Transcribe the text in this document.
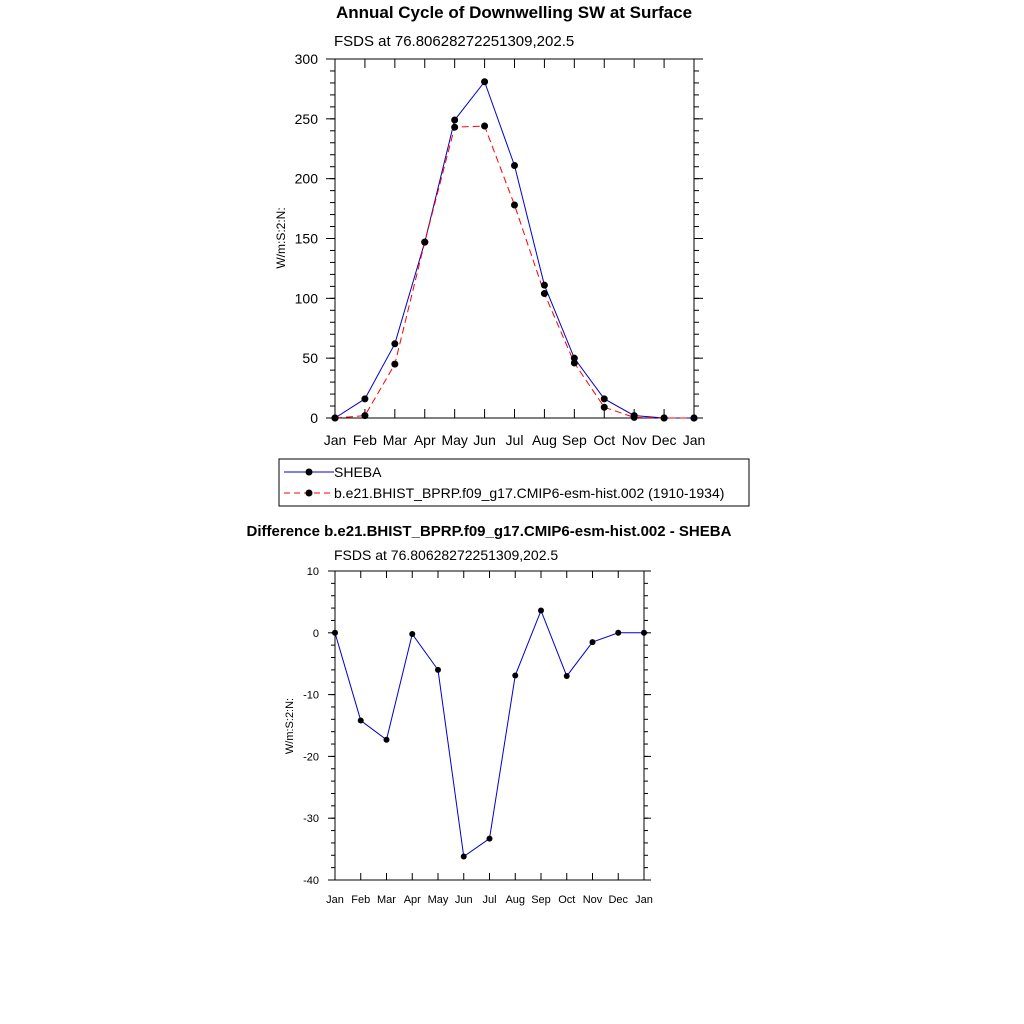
Annual Cycle of Downwelling SW at Surface
FSDS at 76.80628272251309,202.5
W/m:S:2:N:
Jan Feb Mar Apr May Jun Jul Aug Sep Oct Nov Dec Jan
0
50
100
150
200
250
300
SHEBA
b.e21.BHIST_BPRP.f09_g17.CMIP6-esm-hist.002 (1910-1934)
Difference b.e21.BHIST_BPRP.f09_g17.CMIP6-esm-hist.002 - SHEBA
FSDS at 76.80628272251309,202.5
W/m:S:2:N:
Jan Feb Mar Apr May Jun Jul Aug Sep Oct Nov Dec Jan
-40
-30
-20
-10
0
10
